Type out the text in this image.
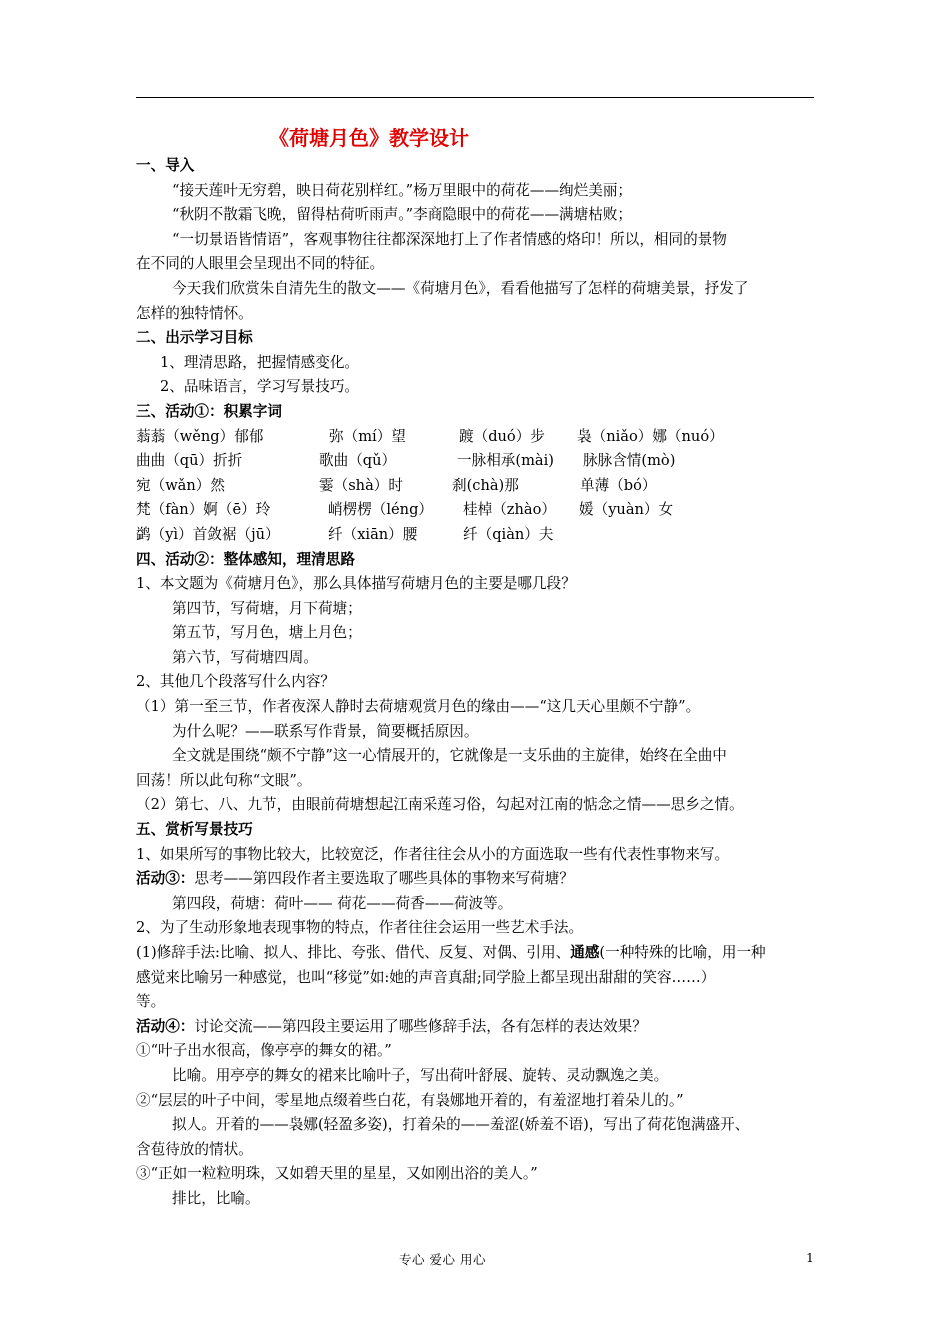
《荷塘月色》教学设计
一、导入
“接天莲叶无穷碧，映日荷花别样红。”杨万里眼中的荷花——绚烂美丽；
“秋阴不散霜飞晚，留得枯荷听雨声。”李商隐眼中的荷花——满塘枯败；
“一切景语皆情语”，客观事物往往都深深地打上了作者情感的烙印！所以，相同的景物
在不同的人眼里会呈现出不同的特征。
今天我们欣赏朱自清先生的散文——《荷塘月色》，看看他描写了怎样的荷塘美景，抒发了
怎样的独特情怀。
二、出示学习目标
1、理清思路，把握情感变化。
2、品味语言，学习写景技巧。
三、活动①：积累字词
蓊蓊（wěng）郁郁	弥（mí）望	踱（duó）步	袅（niǎo）娜（nuó）
曲曲（qū）折折	歌曲（qǔ）	一脉相承(mài)	脉脉含情(mò)
宛（wǎn）然	霎（shà）时	刹(chà)那	单薄（bó）
梵（fàn）婀（ē）玲	峭楞楞（léng）	桂棹（zhào）	媛（yuàn）女
鹢（yì）首敛裾（jū）	纤（xiān）腰	纤（qiàn）夫
四、活动②：整体感知，理清思路
1、本文题为《荷塘月色》，那么具体描写荷塘月色的主要是哪几段？
第四节，写荷塘，月下荷塘；
第五节，写月色，塘上月色；
第六节，写荷塘四周。
2、其他几个段落写什么内容？
（1）第一至三节，作者夜深人静时去荷塘观赏月色的缘由——“这几天心里颇不宁静”。
为什么呢？——联系写作背景，简要概括原因。
全文就是围绕“颇不宁静”这一心情展开的，它就像是一支乐曲的主旋律，始终在全曲中
回荡！所以此句称“文眼”。
（2）第七、八、九节，由眼前荷塘想起江南采莲习俗，勾起对江南的惦念之情——思乡之情。
五、赏析写景技巧
1、如果所写的事物比较大，比较宽泛，作者往往会从小的方面选取一些有代表性事物来写。
活动③：思考——第四段作者主要选取了哪些具体的事物来写荷塘？
第四段，荷塘：荷叶—— 荷花——荷香——荷波等。
2、为了生动形象地表现事物的特点，作者往往会运用一些艺术手法。
(1)修辞手法:比喻、拟人、排比、夸张、借代、反复、对偶、引用、通感(一种特殊的比喻，用一种
感觉来比喻另一种感觉，也叫“移觉”如:她的声音真甜;同学脸上都呈现出甜甜的笑容……）
等。
活动④：讨论交流——第四段主要运用了哪些修辞手法，各有怎样的表达效果？
①“叶子出水很高，像亭亭的舞女的裙。”
比喻。用亭亭的舞女的裙来比喻叶子，写出荷叶舒展、旋转、灵动飘逸之美。
②“层层的叶子中间，零星地点缀着些白花，有袅娜地开着的，有羞涩地打着朵儿的。”
拟人。开着的——袅娜(轻盈多姿)，打着朵的——羞涩(娇羞不语)，写出了荷花饱满盛开、
含苞待放的情状。
③“正如一粒粒明珠，又如碧天里的星星，又如刚出浴的美人。”
排比，比喻。
专心 爱心 用心	1
